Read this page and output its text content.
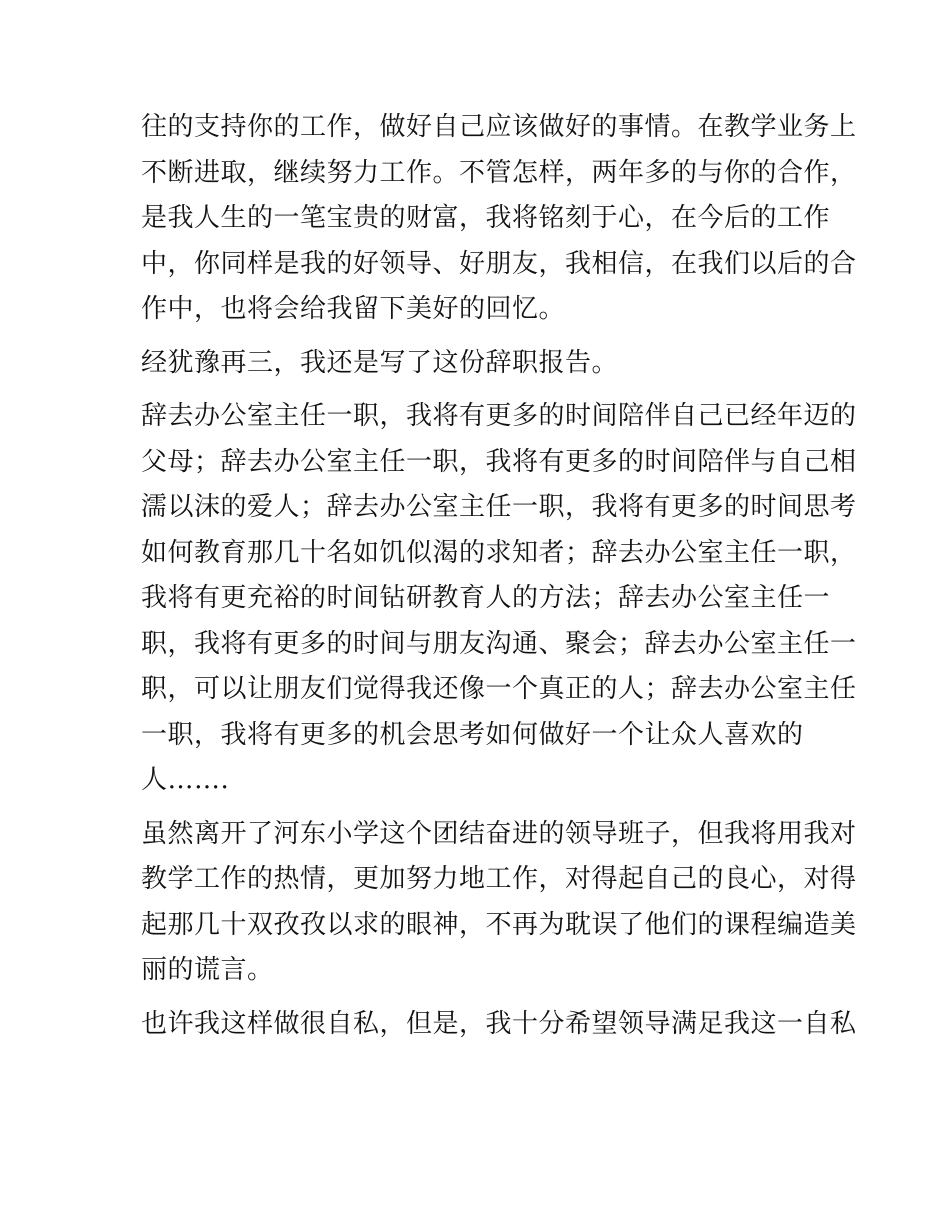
往的支持你的工作，做好自己应该做好的事情。在教学业务上
不断进取，继续努力工作。不管怎样，两年多的与你的合作，
是我人生的一笔宝贵的财富，我将铭刻于心，在今后的工作
中，你同样是我的好领导、好朋友，我相信，在我们以后的合
作中，也将会给我留下美好的回忆。
经犹豫再三，我还是写了这份辞职报告。
辞去办公室主任一职，我将有更多的时间陪伴自己已经年迈的
父母；辞去办公室主任一职，我将有更多的时间陪伴与自己相
濡以沫的爱人；辞去办公室主任一职，我将有更多的时间思考
如何教育那几十名如饥似渴的求知者；辞去办公室主任一职，
我将有更充裕的时间钻研教育人的方法；辞去办公室主任一
职，我将有更多的时间与朋友沟通、聚会；辞去办公室主任一
职，可以让朋友们觉得我还像一个真正的人；辞去办公室主任
一职，我将有更多的机会思考如何做好一个让众人喜欢的
人…….
虽然离开了河东小学这个团结奋进的领导班子，但我将用我对
教学工作的热情，更加努力地工作，对得起自己的良心，对得
起那几十双孜孜以求的眼神，不再为耽误了他们的课程编造美
丽的谎言。
也许我这样做很自私，但是，我十分希望领导满足我这一自私
